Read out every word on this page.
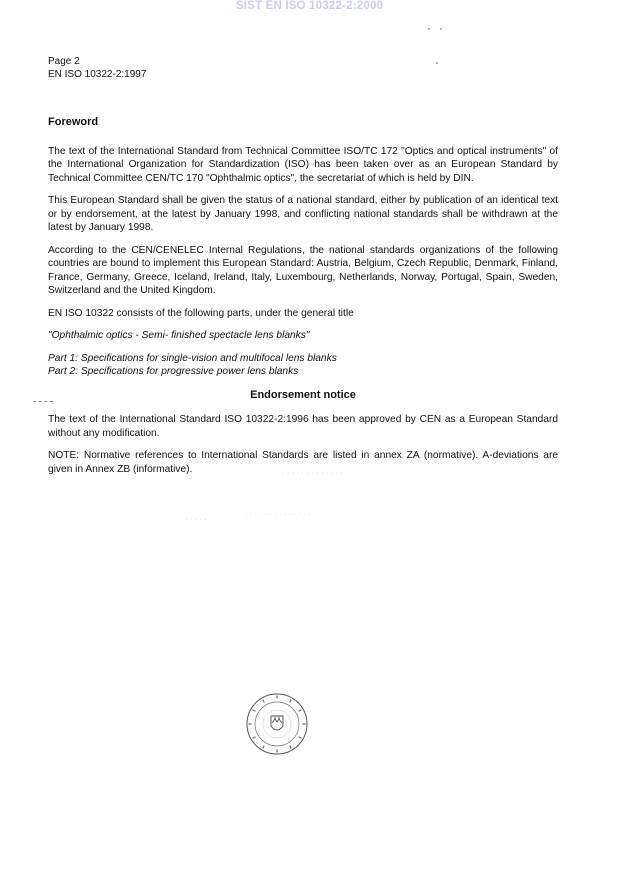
SIST EN ISO 10322-2:2000
Page 2
EN ISO 10322-2:1997
Foreword

The text of the International Standard from Technical Committee ISO/TC 172 "Optics and optical instruments" of the International Organization for Standardization (ISO) has been taken over as an European Standard by Technical Committee CEN/TC 170 "Ophthalmic optics", the secretariat of which is held by DIN.

This European Standard shall be given the status of a national standard, either by publication of an identical text or by endorsement, at the latest by January 1998, and conflicting national standards shall be withdrawn at the latest by January 1998.

According to the CEN/CENELEC Internal Regulations, the national standards organizations of the following countries are bound to implement this European Standard: Austria, Belgium, Czech Republic, Denmark, Finland, France, Germany, Greece, Iceland, Ireland, Italy, Luxembourg, Netherlands, Norway, Portugal, Spain, Sweden, Switzerland and the United Kingdom.

EN ISO 10322 consists of the following parts, under the general title

"Ophthalmic optics - Semi- finished spectacle lens blanks"

Part 1: Specifications for single-vision and multifocal lens blanks

Part 2: Specifications for progressive power lens blanks

Endorsement notice

The text of the International Standard ISO 10322-2:1996 has been approved by CEN as a European Standard without any modification.

NOTE: Normative references to International Standards are listed in annex ZA (normative). A-deviations are given in Annex ZB (informative).

· · · · · · · · · · ·
· · · · · · · · · · · · ·
· · · · · · · · · · · · · · ·
· · · · ·
